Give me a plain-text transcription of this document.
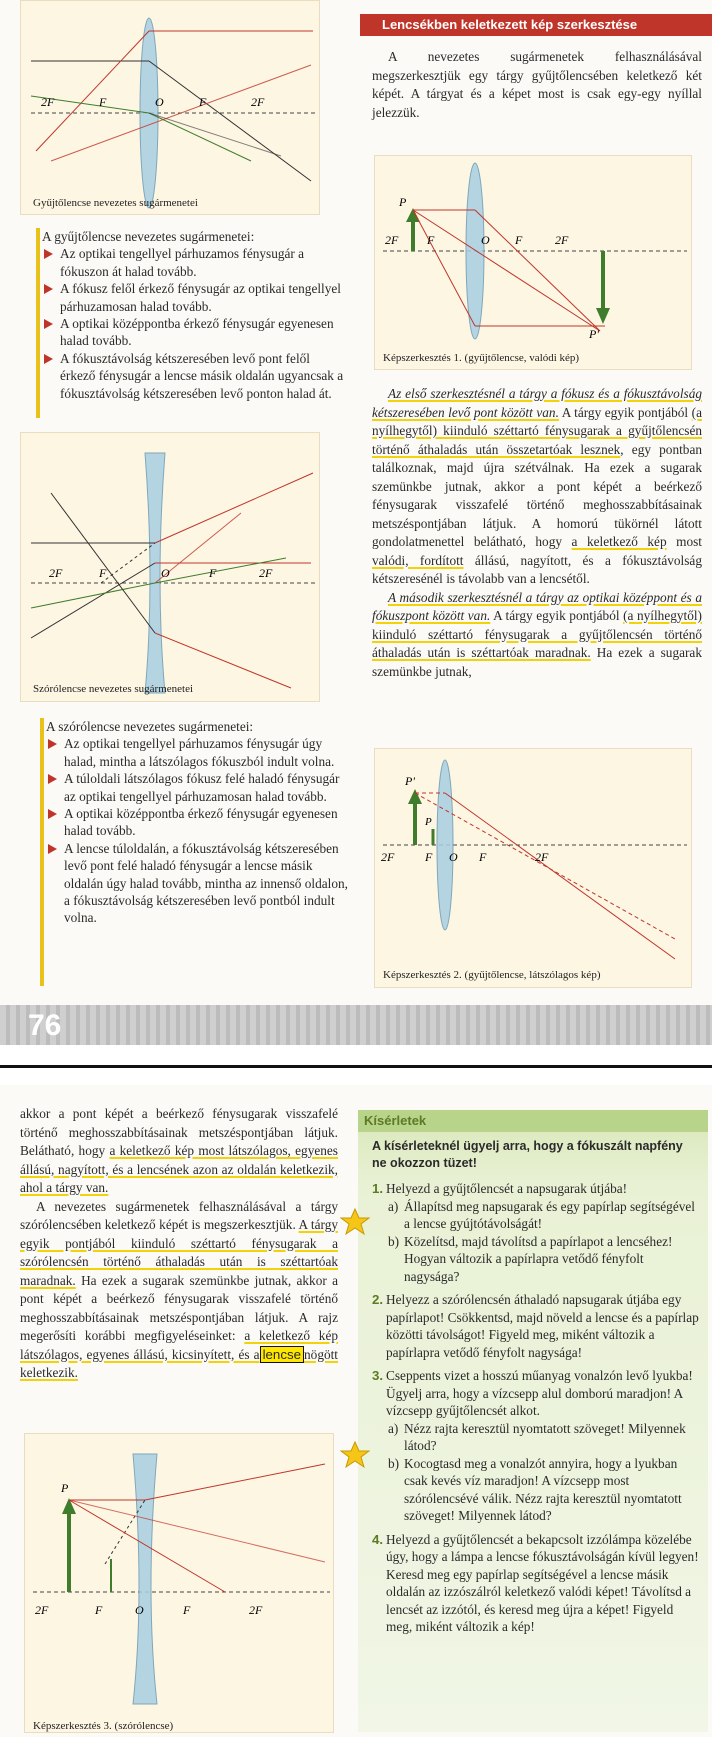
2F	F	O	F	2F
Gyűjtőlencse nevezetes sugármenetei
A gyűjtőlencse nevezetes sugármenetei:
Az optikai tengellyel párhuzamos fénysugár a fókuszon át halad tovább.
A fókusz felől érkező fénysugár az optikai tengellyel párhuzamosan halad tovább.
A optikai középpontba érkező fénysugár egyenesen halad tovább.
A fókusztávolság kétszeresében levő pont felől érkező fénysugár a lencse másik oldalán ugyancsak a fókusztávolság kétszeresében levő ponton halad át.
2F	F	O	F	2F
Szórólencse nevezetes sugármenetei
A szórólencse nevezetes sugármenetei:
Az optikai tengellyel párhuzamos fénysugár úgy halad, mintha a látszólagos fókuszból indult volna.
A túloldali látszólagos fókusz felé haladó fénysugár az optikai tengellyel párhuzamosan halad tovább.
A optikai középpontba érkező fénysugár egyenesen halad tovább.
A lencse túloldalán, a fókusztávolság kétszeresében levő pont felé haladó fénysugár a lencse másik oldalán úgy halad tovább, mintha az innenső oldalon, a fókusztávolság kétszeresében levő pontból indult volna.
Lencsékben keletkezett kép szerkesztése

A nevezetes sugármenetek felhasználásával megszerkesztjük egy tárgy gyűjtőlencsében keletkező két képét. A tárgyat és a képet most is csak egy-egy nyíllal jelezzük.

P
2F F	O F	2F
P'
Képszerkesztés 1. (gyűjtőlencse, valódi kép)

Az első szerkesztésnél a tárgy a fókusz és a fókusztávolság kétszeresében levő pont között van. A tárgy egyik pontjából (a nyílhegytől) kiinduló széttartó fénysugarak a gyűjtőlencsén történő áthaladás után összetartóak lesznek, egy pontban találkoznak, majd újra szétválnak. Ha ezek a sugarak szemünkbe jutnak, akkor a pont képét a beérkező fénysugarak visszafelé történő meghosszabbításainak metszéspontjában látjuk. A homorú tükörnél látott gondolatmenettel belátható, hogy a keletkező kép most valódi, fordított állású, nagyított, és a fókusztávolság kétszeresénél is távolabb van a lencsétől.

A második szerkesztésnél a tárgy az optikai középpont és a fókuszpont között van. A tárgy egyik pontjából (a nyílhegytől) kiinduló széttartó fénysugarak a gyűjtőlencsén történő áthaladás után is széttartóak maradnak. Ha ezek a sugarak szemünkbe jutnak,

P'
P
2F	F O F	2F
Képszerkesztés 2. (gyűjtőlencse, látszólagos kép)
76

akkor a pont képét a beérkező fénysugarak visszafelé történő meghosszabbításainak metszéspontjában látjuk. Belátható, hogy a keletkező kép most látszólagos, egyenes állású, nagyított, és a lencsének azon az oldalán keletkezik, ahol a tárgy van.

A nevezetes sugármenetek felhasználásával a tárgy szórólencsében keletkező képét is megszerkesztjük. A tárgy egyik pontjából kiinduló széttartó fénysugarak a szórólencsén történő áthaladás után is széttartóak maradnak. Ha ezek a sugarak szemünkbe jutnak, akkor a pont képét a beérkező fénysugarak visszafelé történő meghosszabbításainak metszéspontjában látjuk. A rajz megerősíti korábbi megfigyeléseinket: a keletkező kép látszólagos, egyenes állású, kicsinyített, és a lencse nögött keletkezik.

P
2F	F	O	F	2F
Képszerkesztés 3. (szórólencse)
Kísérletek
A kísérleteknél ügyelj arra, hogy a fókuszált napfény ne okozzon tüzet!
1. Helyezd a gyűjtőlencsét a napsugarak útjába!
a) Állapítsd meg napsugarak és egy papírlap segítségével a lencse gyújtótávolságát!
b) Közelítsd, majd távolítsd a papírlapot a lencséhez! Hogyan változik a papírlapra vetődő fényfolt nagysága?
2. Helyezz a szórólencsén áthaladó napsugarak útjába egy papírlapot! Csökkentsd, majd növeld a lencse és a papírlap közötti távolságot! Figyeld meg, miként változik a papírlapra vetődő fényfolt nagysága!
3. Cseppents vizet a hosszú műanyag vonalzón levő lyukba! Ügyelj arra, hogy a vízcsepp alul domború maradjon! A vízcsepp gyűjtőlencsét alkot.
a) Nézz rajta keresztül nyomtatott szöveget! Milyennek látod?
b) Kocogtasd meg a vonalzót annyira, hogy a lyukban csak kevés víz maradjon! A vízcsepp most szórólencsévé válik. Nézz rajta keresztül nyomtatott szöveget! Milyennek látod?
4. Helyezd a gyűjtőlencsét a bekapcsolt izzólámpa közelébe úgy, hogy a lámpa a lencse fókusztávolságán kívül legyen! Keresd meg egy papírlap segítségével a lencse másik oldalán az izzószálról keletkező valódi képet! Távolítsd a lencsét az izzótól, és keresd meg újra a képet! Figyeld meg, miként változik a kép!
